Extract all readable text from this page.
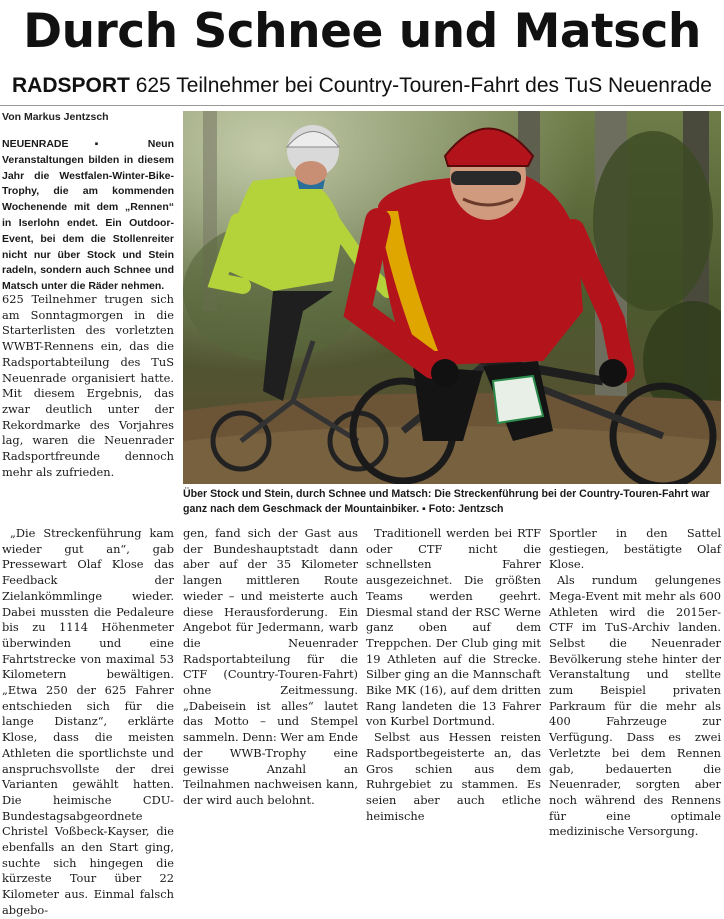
Durch Schnee und Matsch
RADSPORT 625 Teilnehmer bei Country-Touren-Fahrt des TuS Neuenrade
Von Markus Jentzsch
NEUENRADE ▪ Neun Veranstaltungen bilden in diesem Jahr die Westfalen-Winter-Bike-Trophy, die am kommenden Wochenende mit dem „Rennen“ in Iserlohn endet. Ein Outdoor-Event, bei dem die Stollenreiter nicht nur über Stock und Stein radeln, sondern auch Schnee und Matsch unter die Räder nehmen.

625 Teilnehmer trugen sich am Sonntagmorgen in die Starterlisten des vorletzten WWBT-Rennens ein, das die Radsportabteilung des TuS Neuenrade organisiert hatte. Mit diesem Ergebnis, das zwar deutlich unter der Rekordmarke des Vorjahres lag, waren die Neuenrader Radsportfreunde dennoch mehr als zufrieden.

„Die Streckenführung kam wieder gut an“, gab Pressewart Olaf Klose das Feedback der Zielankömmlinge wieder. Dabei mussten die Pedaleure bis zu 1114 Höhenmeter überwinden und eine Fahrtstrecke von maximal 53 Kilometern bewältigen. „Etwa 250 der 625 Fahrer entschieden sich für die lange Distanz“, erklärte Klose, dass die meisten Athleten die sportlichste und anspruchsvollste der drei Varianten gewählt hatten. Die heimische CDU-Bundestagsabgeordnete Christel Voßbeck-Kayser, die ebenfalls an den Start ging, suchte sich hingegen die kürzeste Tour über 22 Kilometer aus. Einmal falsch abgebo-

gen, fand sich der Gast aus der Bundeshauptstadt dann aber auf der 35 Kilometer langen mittleren Route wieder – und meisterte auch diese Herausforderung. Ein Angebot für Jedermann, warb die Neuenrader Radsportabteilung für die CTF (Country-Touren-Fahrt) ohne Zeitmessung. „Dabeisein ist alles“ lautet das Motto – und Stempel sammeln. Denn: Wer am Ende der WWB-Trophy eine gewisse Anzahl an Teilnahmen nachweisen kann, der wird auch belohnt.

Traditionell werden bei RTF oder CTF nicht die schnellsten Fahrer ausgezeichnet. Die größten Teams werden geehrt. Diesmal stand der RSC Werne ganz oben auf dem Treppchen. Der Club ging mit 19 Athleten auf die Strecke. Silber ging an die Mannschaft Bike MK (16), auf dem dritten Rang landeten die 13 Fahrer von Kurbel Dortmund.

Selbst aus Hessen reisten Radsportbegeisterte an, das Gros schien aus dem Ruhrgebiet zu stammen. Es seien aber auch etliche heimische

Sportler in den Sattel gestiegen, bestätigte Olaf Klose.

Als rundum gelungenes Mega-Event mit mehr als 600 Athleten wird die 2015er-CTF im TuS-Archiv landen. Selbst die Neuenrader Bevölkerung stehe hinter der Veranstaltung und stellte zum Beispiel privaten Parkraum für die mehr als 400 Fahrzeuge zur Verfügung. Dass es zwei Verletzte bei dem Rennen gab, bedauerten die Neuenrader, sorgten aber noch während des Rennens für eine optimale medizinische Versorgung.

Über Stock und Stein, durch Schnee und Matsch: Die Streckenführung bei der Country-Touren-Fahrt war ganz nach dem Geschmack der Mountainbiker. ▪ Foto: Jentzsch
